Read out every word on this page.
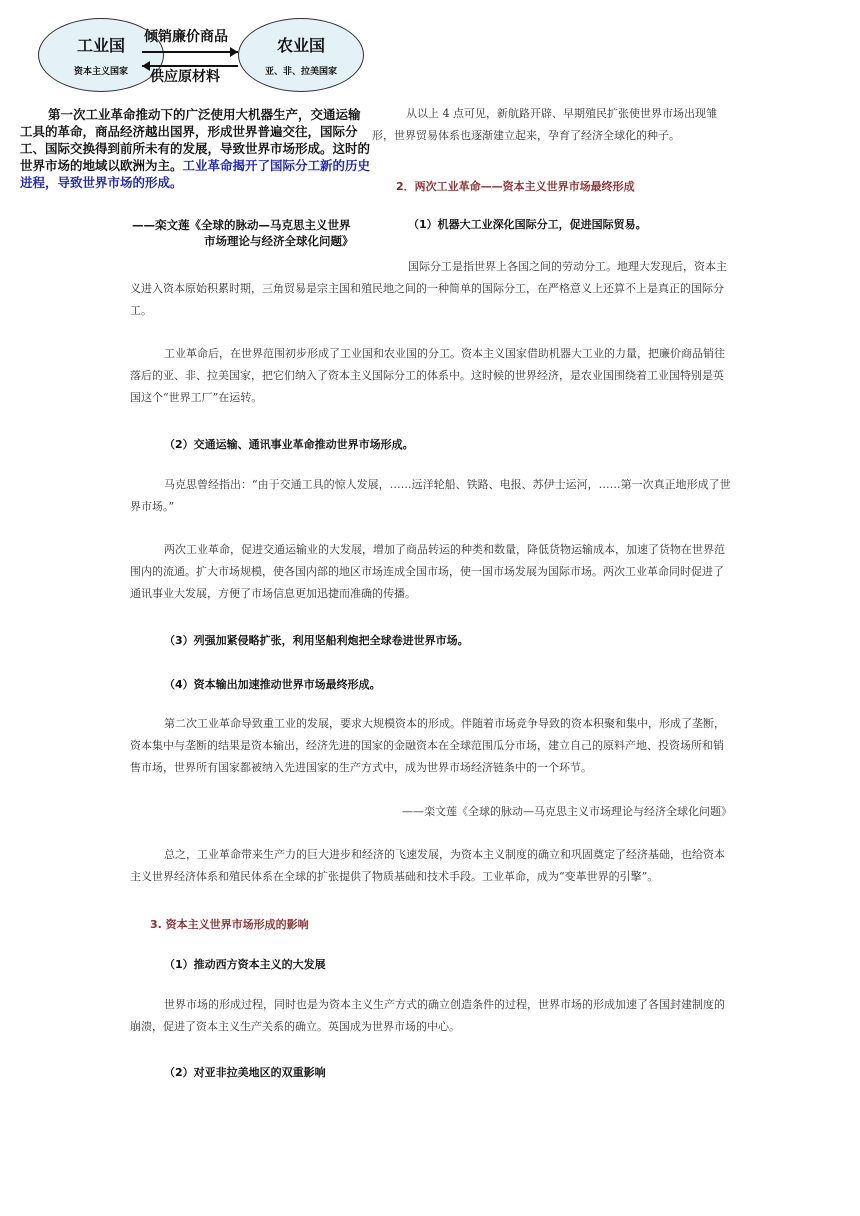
工业国
资本主义国家
农业国
亚、非、拉美国家
倾销廉价商品
供应原材料
第一次工业革命推动下的广泛使用大机器生产，交通运输工具的革命，商品经济越出国界，形成世界普遍交往，国际分工、国际交换得到前所未有的发展，导致世界市场形成。这时的世界市场的地域以欧洲为主。工业革命揭开了国际分工新的历史进程，导致世界市场的形成。
——栾文莲《全球的脉动—马克思主义世界
市场理论与经济全球化问题》
从以上 4 点可见，新航路开辟、早期殖民扩张使世界市场出现雏形，世界贸易体系也逐渐建立起来，孕育了经济全球化的种子。
2．两次工业革命——资本主义世界市场最终形成
（1）机器大工业深化国际分工，促进国际贸易。
国际分工是指世界上各国之间的劳动分工。地理大发现后，资本主义进入资本原始积累时期，三角贸易是宗主国和殖民地之间的一种简单的国际分工，在严格意义上还算不上是真正的国际分工。
工业革命后，在世界范围初步形成了工业国和农业国的分工。资本主义国家借助机器大工业的力量，把廉价商品销往落后的亚、非、拉美国家，把它们纳入了资本主义国际分工的体系中。这时候的世界经济，是农业国围绕着工业国特别是英国这个“世界工厂”在运转。
（2）交通运输、通讯事业革命推动世界市场形成。
马克思曾经指出：“由于交通工具的惊人发展，……远洋轮船、铁路、电报、苏伊士运河，……第一次真正地形成了世界市场。”
两次工业革命，促进交通运输业的大发展，增加了商品转运的种类和数量，降低货物运输成本，加速了货物在世界范围内的流通。扩大市场规模，使各国内部的地区市场连成全国市场，使一国市场发展为国际市场。两次工业革命同时促进了通讯事业大发展，方便了市场信息更加迅捷而准确的传播。
（3）列强加紧侵略扩张，利用坚船利炮把全球卷进世界市场。
（4）资本输出加速推动世界市场最终形成。
第二次工业革命导致重工业的发展，要求大规模资本的形成。伴随着市场竞争导致的资本积聚和集中，形成了垄断，资本集中与垄断的结果是资本输出，经济先进的国家的金融资本在全球范围瓜分市场，建立自己的原料产地、投资场所和销售市场，世界所有国家都被纳入先进国家的生产方式中，成为世界市场经济链条中的一个环节。
——栾文莲《全球的脉动—马克思主义市场理论与经济全球化问题》
总之，工业革命带来生产力的巨大进步和经济的飞速发展，为资本主义制度的确立和巩固奠定了经济基础，也给资本主义世界经济体系和殖民体系在全球的扩张提供了物质基础和技术手段。工业革命，成为“变革世界的引擎”。
3. 资本主义世界市场形成的影响
（1）推动西方资本主义的大发展
世界市场的形成过程，同时也是为资本主义生产方式的确立创造条件的过程，世界市场的形成加速了各国封建制度的崩溃，促进了资本主义生产关系的确立。英国成为世界市场的中心。
（2）对亚非拉美地区的双重影响
